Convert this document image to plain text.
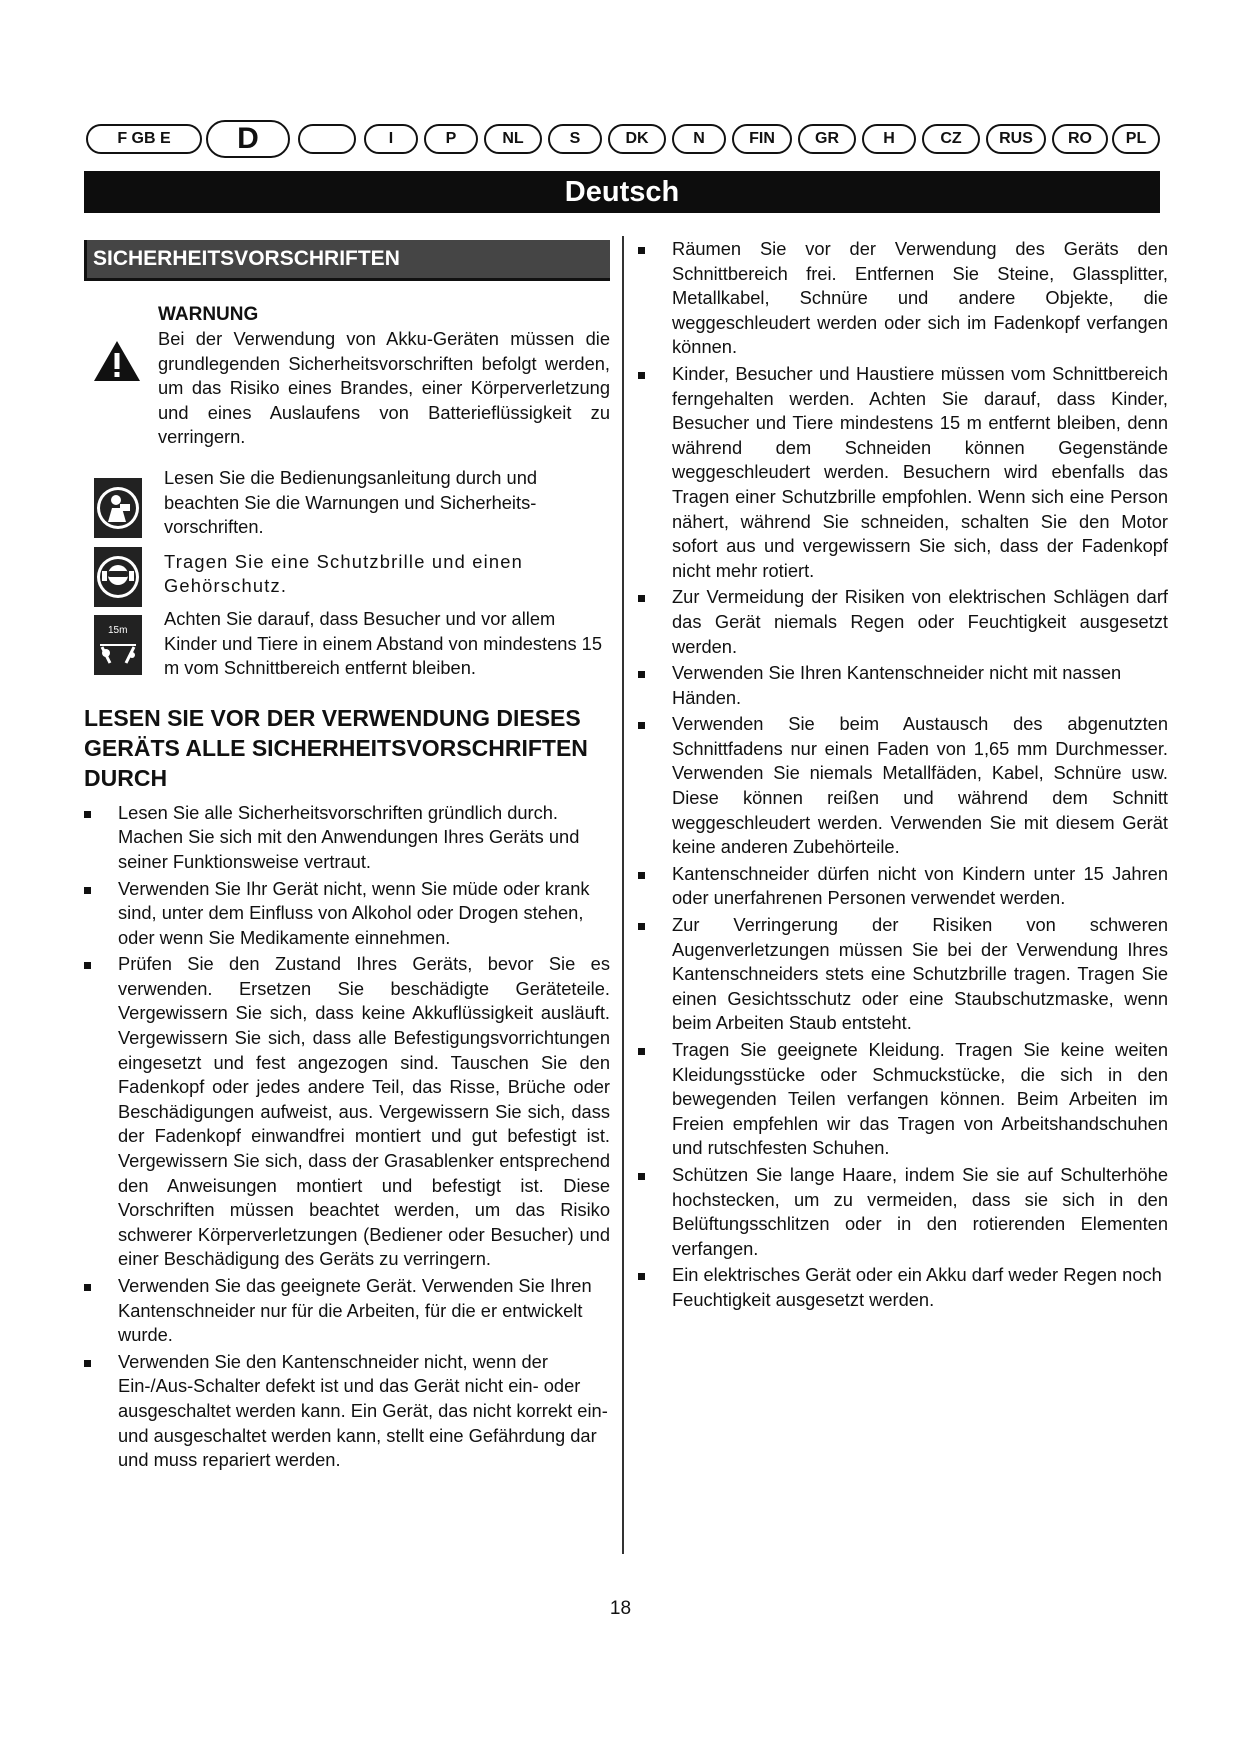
F GB E	D	I	P	NL	S	DK	N	FIN	GR	H	CZ	RUS	RO	PL
Deutsch
SICHERHEITSVORSCHRIFTEN
WARNUNG
Bei der Verwendung von Akku-Geräten müssen die grundlegenden Sicherheitsvorschriften befolgt werden, um das Risiko eines Brandes, einer Körperverletzung und eines Auslaufens von Batterieflüssigkeit zu verringern.

15m
Lesen Sie die Bedienungsanleitung durch und beachten Sie die Warnungen und Sicherheits-vorschriften.
Tragen Sie eine Schutzbrille und einen Gehörschutz.
Achten Sie darauf, dass Besucher und vor allem Kinder und Tiere in einem Abstand von mindestens 15 m vom Schnittbereich entfernt bleiben.
LESEN SIE VOR DER VERWENDUNG DIESES GERÄTS ALLE SICHERHEITSVORSCHRIFTEN DURCH
Lesen Sie alle Sicherheitsvorschriften gründlich durch. Machen Sie sich mit den Anwendungen Ihres Geräts und seiner Funktionsweise vertraut.
Verwenden Sie Ihr Gerät nicht, wenn Sie müde oder krank sind, unter dem Einfluss von Alkohol oder Drogen stehen, oder wenn Sie Medikamente einnehmen.
Prüfen Sie den Zustand Ihres Geräts, bevor Sie es verwenden. Ersetzen Sie beschädigte Geräteteile. Vergewissern Sie sich, dass keine Akkuflüssigkeit ausläuft. Vergewissern Sie sich, dass alle Befestigungsvorrichtungen eingesetzt und fest angezogen sind. Tauschen Sie den Fadenkopf oder jedes andere Teil, das Risse, Brüche oder Beschädigungen aufweist, aus. Vergewissern Sie sich, dass der Fadenkopf einwandfrei montiert und gut befestigt ist. Vergewissern Sie sich, dass der Grasablenker entsprechend den Anweisungen montiert und befestigt ist. Diese Vorschriften müssen beachtet werden, um das Risiko schwerer Körperverletzungen (Bediener oder Besucher) und einer Beschädigung des Geräts zu verringern.
Verwenden Sie das geeignete Gerät. Verwenden Sie Ihren Kantenschneider nur für die Arbeiten, für die er entwickelt wurde.
Verwenden Sie den Kantenschneider nicht, wenn der Ein-/Aus-Schalter defekt ist und das Gerät nicht ein- oder ausgeschaltet werden kann. Ein Gerät, das nicht korrekt ein- und ausgeschaltet werden kann, stellt eine Gefährdung dar und muss repariert werden.
Räumen Sie vor der Verwendung des Geräts den Schnittbereich frei. Entfernen Sie Steine, Glassplitter, Metallkabel, Schnüre und andere Objekte, die weggeschleudert werden oder sich im Fadenkopf verfangen können.
Kinder, Besucher und Haustiere müssen vom Schnittbereich ferngehalten werden. Achten Sie darauf, dass Kinder, Besucher und Tiere mindestens 15 m entfernt bleiben, denn während dem Schneiden können Gegenstände weggeschleudert werden. Besuchern wird ebenfalls das Tragen einer Schutzbrille empfohlen. Wenn sich eine Person nähert, während Sie schneiden, schalten Sie den Motor sofort aus und vergewissern Sie sich, dass der Fadenkopf nicht mehr rotiert.
Zur Vermeidung der Risiken von elektrischen Schlägen darf das Gerät niemals Regen oder Feuchtigkeit ausgesetzt werden.
Verwenden Sie Ihren Kantenschneider nicht mit nassen Händen.
Verwenden Sie beim Austausch des abgenutzten Schnittfadens nur einen Faden von 1,65 mm Durchmesser. Verwenden Sie niemals Metallfäden, Kabel, Schnüre usw. Diese können reißen und während dem Schnitt weggeschleudert werden. Verwenden Sie mit diesem Gerät keine anderen Zubehörteile.
Kantenschneider dürfen nicht von Kindern unter 15 Jahren oder unerfahrenen Personen verwendet werden.
Zur Verringerung der Risiken von schweren Augenverletzungen müssen Sie bei der Verwendung Ihres Kantenschneiders stets eine Schutzbrille tragen. Tragen Sie einen Gesichtsschutz oder eine Staubschutzmaske, wenn beim Arbeiten Staub entsteht.
Tragen Sie geeignete Kleidung. Tragen Sie keine weiten Kleidungsstücke oder Schmuckstücke, die sich in den bewegenden Teilen verfangen können. Beim Arbeiten im Freien empfehlen wir das Tragen von Arbeitshandschuhen und rutschfesten Schuhen.
Schützen Sie lange Haare, indem Sie sie auf Schulterhöhe hochstecken, um zu vermeiden, dass sie sich in den Belüftungsschlitzen oder in den rotierenden Elementen verfangen.
Ein elektrisches Gerät oder ein Akku darf weder Regen noch Feuchtigkeit ausgesetzt werden.
18
